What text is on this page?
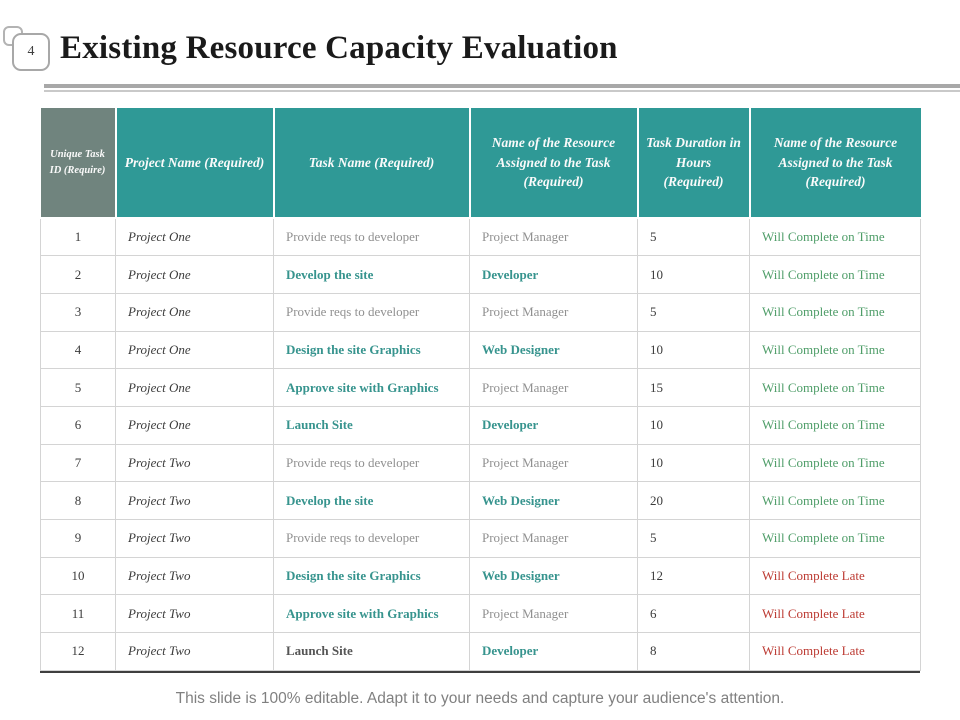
4 Existing Resource Capacity Evaluation
Unique Task ID (Require)	Project Name (Required)	Task Name (Required)	Name of the Resource Assigned to the Task (Required)	Task Duration in Hours (Required)	Name of the Resource Assigned to the Task (Required)
1	Project One	Provide reqs to developer	Project Manager	5	Will Complete on Time
2	Project One	Develop the site	Developer	10	Will Complete on Time
3	Project One	Provide reqs to developer	Project Manager	5	Will Complete on Time
4	Project One	Design the site Graphics	Web Designer	10	Will Complete on Time
5	Project One	Approve site with Graphics	Project Manager	15	Will Complete on Time
6	Project One	Launch Site	Developer	10	Will Complete on Time
7	Project Two	Provide reqs to developer	Project Manager	10	Will Complete on Time
8	Project Two	Develop the site	Web Designer	20	Will Complete on Time
9	Project Two	Provide reqs to developer	Project Manager	5	Will Complete on Time
10	Project Two	Design the site Graphics	Web Designer	12	Will Complete Late
11	Project Two	Approve site with Graphics	Project Manager	6	Will Complete Late
12	Project Two	Launch Site	Developer	8	Will Complete Late
This slide is 100% editable. Adapt it to your needs and capture your audience's attention.
